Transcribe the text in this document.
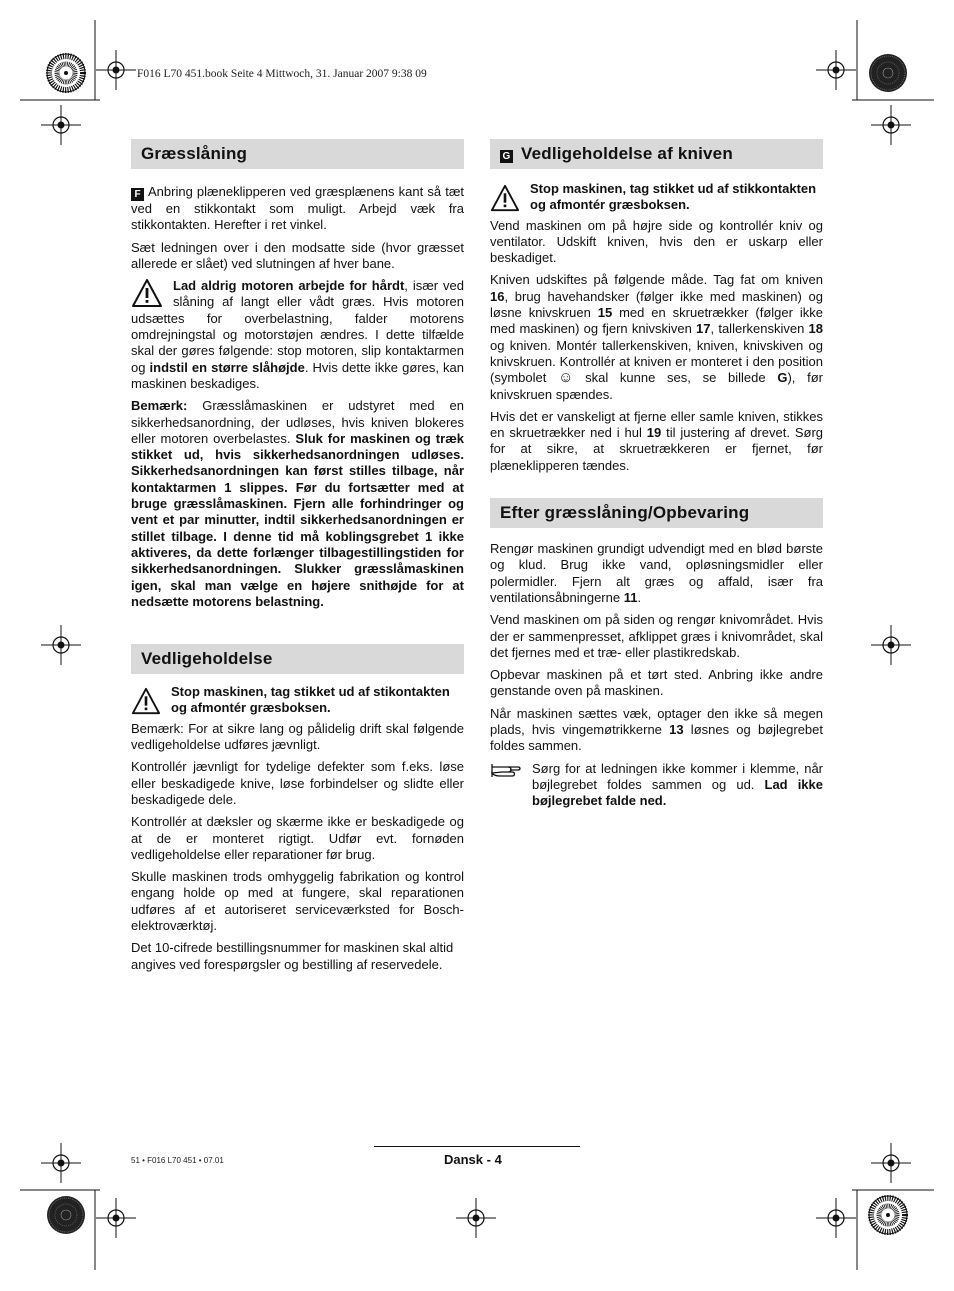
F016 L70 451.book Seite 4 Mittwoch, 31. Januar 2007 9:38 09
Græsslåning

F Anbring plæneklipperen ved græsplænens kant så tæt ved en stikkontakt som muligt. Arbejd væk fra stikkontakten. Herefter i ret vinkel.

Sæt ledningen over i den modsatte side (hvor græsset allerede er slået) ved slutningen af hver bane.

Lad aldrig motoren arbejde for hårdt, især ved slåning af langt eller vådt græs. Hvis motoren udsættes for overbelastning, falder motorens omdrejningstal og motorstøjen ændres. I dette tilfælde skal der gøres følgende: stop motoren, slip kontaktarmen og indstil en større slåhøjde. Hvis dette ikke gøres, kan maskinen beskadiges.

Bemærk: Græsslåmaskinen er udstyret med en sikkerhedsanordning, der udløses, hvis kniven blokeres eller motoren overbelastes. Sluk for maskinen og træk stikket ud, hvis sikkerhedsanordningen udløses. Sikkerhedsanordningen kan først stilles tilbage, når kontaktarmen 1 slippes. Før du fortsætter med at bruge græsslåmaskinen. Fjern alle forhindringer og vent et par minutter, indtil sikkerhedsanordningen er stillet tilbage. I denne tid må koblingsgrebet 1 ikke aktiveres, da dette forlænger tilbagestillingstiden for sikkerhedsanordningen. Slukker græsslåmaskinen igen, skal man vælge en højere snithøjde for at nedsætte motorens belastning.

Vedligeholdelse
Stop maskinen, tag stikket ud af stikontakten og afmontér græsboksen.

Bemærk: For at sikre lang og pålidelig drift skal følgende vedligeholdelse udføres jævnligt.

Kontrollér jævnligt for tydelige defekter som f.eks. løse eller beskadigede knive, løse forbindelser og slidte eller beskadigede dele.

Kontrollér at dæksler og skærme ikke er beskadigede og at de er monteret rigtigt. Udfør evt. fornøden vedligeholdelse eller reparationer før brug.

Skulle maskinen trods omhyggelig fabrikation og kontrol engang holde op med at fungere, skal reparationen udføres af et autoriseret serviceværksted for Bosch-elektroværktøj.

Det 10-cifrede bestillingsnummer for maskinen skal altid angives ved forespørgsler og bestilling af reservedele.

G Vedligeholdelse af kniven
Stop maskinen, tag stikket ud af stikkontakten og afmontér græsboksen.

Vend maskinen om på højre side og kontrollér kniv og ventilator. Udskift kniven, hvis den er uskarp eller beskadiget.

Kniven udskiftes på følgende måde. Tag fat om kniven 16, brug havehandsker (følger ikke med maskinen) og løsne knivskruen 15 med en skruetrækker (følger ikke med maskinen) og fjern knivskiven 17, tallerkenskiven 18 og kniven. Montér tallerkenskiven, kniven, knivskiven og knivskruen. Kontrollér at kniven er monteret i den position (symbolet ☺ skal kunne ses, se billede G), før knivskruen spændes.

Hvis det er vanskeligt at fjerne eller samle kniven, stikkes en skruetrækker ned i hul 19 til justering af drevet. Sørg for at sikre, at skruetrækkeren er fjernet, før plæneklipperen tændes.

Efter græsslåning/Opbevaring

Rengør maskinen grundigt udvendigt med en blød børste og klud. Brug ikke vand, opløsningsmidler eller polermidler. Fjern alt græs og affald, især fra ventilationsåbningerne 11.

Vend maskinen om på siden og rengør knivområdet. Hvis der er sammenpresset, afklippet græs i knivområdet, skal det fjernes med et træ- eller plastikredskab.

Opbevar maskinen på et tørt sted. Anbring ikke andre genstande oven på maskinen.

Når maskinen sættes væk, optager den ikke så megen plads, hvis vingemøtrikkerne 13 løsnes og bøjlegrebet foldes sammen.

Sørg for at ledningen ikke kommer i klemme, når bøjlegrebet foldes sammen og ud. Lad ikke bøjlegrebet falde ned.
Dansk - 4
51 • F016 L70 451 • 07.01
